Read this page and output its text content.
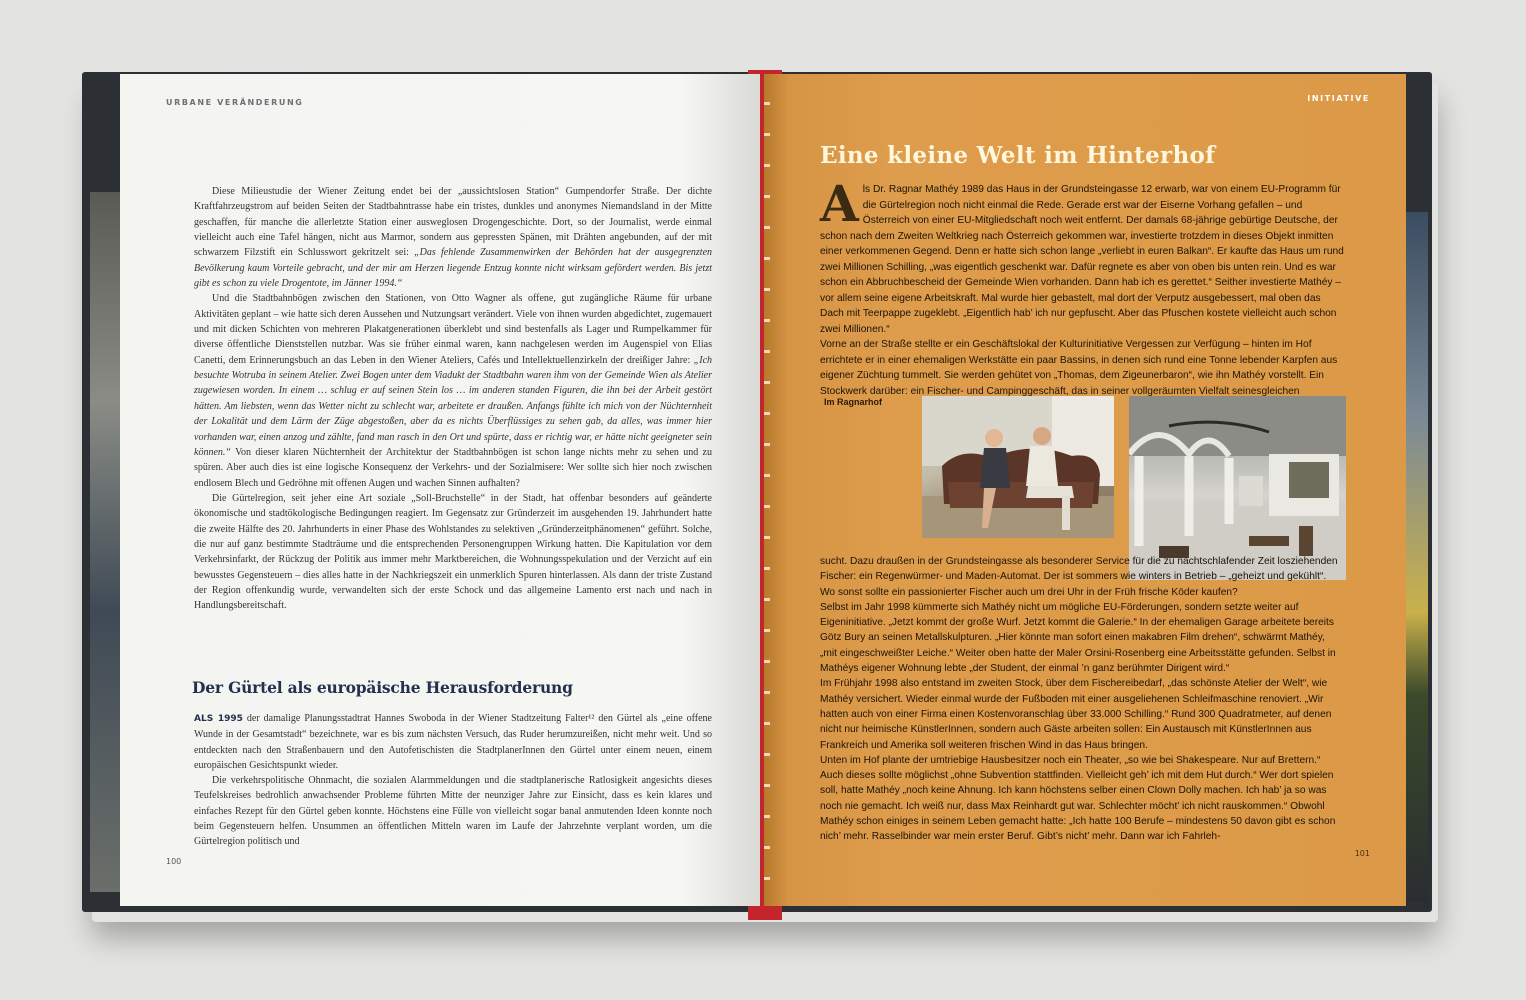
URBANE VERÄNDERUNG

Diese Milieustudie der Wiener Zeitung endet bei der „aussichtslosen Station“ Gumpendorfer Straße. Der dichte Kraftfahrzeugstrom auf beiden Seiten der Stadtbahntrasse habe ein tristes, dunkles und anonymes Niemandsland in der Mitte geschaffen, für manche die allerletzte Station einer ausweglosen Drogengeschichte. Dort, so der Journalist, werde einmal vielleicht auch eine Tafel hängen, nicht aus Marmor, sondern aus gepressten Spänen, mit Drähten angebunden, auf der mit schwarzem Filzstift ein Schlusswort gekritzelt sei: „Das fehlende Zusammenwirken der Behörden hat der ausgegrenzten Bevölkerung kaum Vorteile gebracht, und der mir am Herzen liegende Entzug konnte nicht wirksam gefördert werden. Bis jetzt gibt es schon zu viele Drogentote, im Jänner 1994.“

Und die Stadtbahnbögen zwischen den Stationen, von Otto Wagner als offene, gut zugängliche Räume für urbane Aktivitäten geplant – wie hatte sich deren Aussehen und Nutzungsart verändert. Viele von ihnen wurden abgedichtet, zugemauert und mit dicken Schichten von mehreren Plakatgenerationen überklebt und sind bestenfalls als Lager und Rumpelkammer für diverse öffentliche Dienststellen nutzbar. Was sie früher einmal waren, kann nachgelesen werden im Augenspiel von Elias Canetti, dem Erinnerungsbuch an das Leben in den Wiener Ateliers, Cafés und Intellektuellenzirkeln der dreißiger Jahre: „Ich besuchte Wotruba in seinem Atelier. Zwei Bogen unter dem Viadukt der Stadtbahn waren ihm von der Gemeinde Wien als Atelier zugewiesen worden. In einem … schlug er auf seinen Stein los … im anderen standen Figuren, die ihn bei der Arbeit gestört hätten. Am liebsten, wenn das Wetter nicht zu schlecht war, arbeitete er draußen. Anfangs fühlte ich mich von der Nüchternheit der Lokalität und dem Lärm der Züge abgestoßen, aber da es nichts Überflüssiges zu sehen gab, da alles, was immer hier vorhanden war, einen anzog und zählte, fand man rasch in den Ort und spürte, dass er richtig war, er hätte nicht geeigneter sein können.“ Von dieser klaren Nüchternheit der Architektur der Stadtbahnbögen ist schon lange nichts mehr zu sehen und zu spüren. Aber auch dies ist eine logische Konsequenz der Verkehrs- und der Sozialmisere: Wer sollte sich hier noch zwischen endlosem Blech und Gedröhne mit offenen Augen und wachen Sinnen aufhalten?

Die Gürtelregion, seit jeher eine Art soziale „Soll-Bruchstelle“ in der Stadt, hat offenbar besonders auf geänderte ökonomische und stadtökologische Bedingungen reagiert. Im Gegensatz zur Gründerzeit im ausgehenden 19. Jahrhundert hatte die zweite Hälfte des 20. Jahrhunderts in einer Phase des Wohlstandes zu selektiven „Gründerzeitphänomenen“ geführt. Solche, die nur auf ganz bestimmte Stadträume und die entsprechenden Personengruppen Wirkung hatten. Die Kapitulation vor dem Verkehrsinfarkt, der Rückzug der Politik aus immer mehr Marktbereichen, die Wohnungsspekulation und der Verzicht auf ein bewusstes Gegensteuern – dies alles hatte in der Nachkriegszeit ein unmerklich Spuren hinterlassen. Als dann der triste Zustand der Region offenkundig wurde, verwandelten sich der erste Schock und das allgemeine Lamento erst nach und nach in Handlungsbereitschaft.

Der Gürtel als europäische Herausforderung

ALS 1995 der damalige Planungsstadtrat Hannes Swoboda in der Wiener Stadtzeitung Falter¹² den Gürtel als „eine offene Wunde in der Gesamtstadt“ bezeichnete, war es bis zum nächsten Versuch, das Ruder herumzureißen, nicht mehr weit. Und so entdeckten nach den Straßenbauern und den Autofetischisten die StadtplanerInnen den Gürtel unter einem neuen, einem europäischen Gesichtspunkt wieder.

Die verkehrspolitische Ohnmacht, die sozialen Alarmmeldungen und die stadtplanerische Ratlosigkeit angesichts dieses Teufelskreises bedrohlich anwachsender Probleme führten Mitte der neunziger Jahre zur Einsicht, dass es kein klares und einfaches Rezept für den Gürtel geben konnte. Höchstens eine Fülle von vielleicht sogar banal anmutenden Ideen konnte noch beim Gegensteuern helfen. Unsummen an öffentlichen Mitteln waren im Laufe der Jahrzehnte verplant worden, um die Gürtelregion politisch und

100
INITIATIVE
Eine kleine Welt im Hinterhof

Als Dr. Ragnar Mathéy 1989 das Haus in der Grundsteingasse 12 erwarb, war von einem EU-Programm für die Gürtelregion noch nicht einmal die Rede. Gerade erst war der Eiserne Vorhang gefallen – und Österreich von einer EU-Mitgliedschaft noch weit entfernt. Der damals 68-jährige gebürtige Deutsche, der schon nach dem Zweiten Weltkrieg nach Österreich gekommen war, investierte trotzdem in dieses Objekt inmitten einer verkommenen Gegend. Denn er hatte sich schon lange „verliebt in euren Balkan“. Er kaufte das Haus um rund zwei Millionen Schilling, „was eigentlich geschenkt war. Dafür regnete es aber von oben bis unten rein. Und es war schon ein Abbruchbescheid der Gemeinde Wien vorhanden. Dann hab ich es gerettet.“ Seither investierte Mathéy – vor allem seine eigene Arbeitskraft. Mal wurde hier gebastelt, mal dort der Verputz ausgebessert, mal oben das Dach mit Teerpappe zugeklebt. „Eigentlich hab’ ich nur gepfuscht. Aber das Pfuschen kostete vielleicht auch schon zwei Millionen.“

Vorne an der Straße stellte er ein Geschäftslokal der Kulturinitiative Vergessen zur Verfügung – hinten im Hof errichtete er in einer ehemaligen Werkstätte ein paar Bassins, in denen sich rund eine Tonne lebender Karpfen aus eigener Züchtung tummelt. Sie werden gehütet von „Thomas, dem Zigeunerbaron“, wie ihn Mathéy vorstellt. Ein Stockwerk darüber: ein Fischer- und Campinggeschäft, das in seiner vollgeräumten Vielfalt seinesgleichen

Im Ragnarhof

sucht. Dazu draußen in der Grundsteingasse als besonderer Service für die zu nachtschlafender Zeit losziehenden Fischer: ein Regenwürmer- und Maden-Automat. Der ist sommers wie winters in Betrieb – „geheizt und gekühlt“. Wo sonst sollte ein passionierter Fischer auch um drei Uhr in der Früh frische Köder kaufen?

Selbst im Jahr 1998 kümmerte sich Mathéy nicht um mögliche EU-Förderungen, sondern setzte weiter auf Eigeninitiative. „Jetzt kommt der große Wurf. Jetzt kommt die Galerie.“ In der ehemaligen Garage arbeitete bereits Götz Bury an seinen Metallskulpturen. „Hier könnte man sofort einen makabren Film drehen“, schwärmt Mathéy, „mit eingeschweißter Leiche.“ Weiter oben hatte der Maler Orsini-Rosenberg eine Arbeitsstätte gefunden. Selbst in Mathéys eigener Wohnung lebte „der Student, der einmal ’n ganz berühmter Dirigent wird.“

Im Frühjahr 1998 also entstand im zweiten Stock, über dem Fischereibedarf, „das schönste Atelier der Welt“, wie Mathéy versichert. Wieder einmal wurde der Fußboden mit einer ausgeliehenen Schleifmaschine renoviert. „Wir hatten auch von einer Firma einen Kostenvoranschlag über 33.000 Schilling.“ Rund 300 Quadratmeter, auf denen nicht nur heimische KünstlerInnen, sondern auch Gäste arbeiten sollen: Ein Austausch mit KünstlerInnen aus Frankreich und Amerika soll weiteren frischen Wind in das Haus bringen.

Unten im Hof plante der umtriebige Hausbesitzer noch ein Theater, „so wie bei Shakespeare. Nur auf Brettern.“ Auch dieses sollte möglichst „ohne Subvention stattfinden. Vielleicht geh’ ich mit dem Hut durch.“ Wer dort spielen soll, hatte Mathéy „noch keine Ahnung. Ich kann höchstens selber einen Clown Dolly machen. Ich hab’ ja so was noch nie gemacht. Ich weiß nur, dass Max Reinhardt gut war. Schlechter möcht’ ich nicht rauskommen.“ Obwohl Mathéy schon einiges in seinem Leben gemacht hatte: „Ich hatte 100 Berufe – mindestens 50 davon gibt es schon nich’ mehr. Rasselbinder war mein erster Beruf. Gibt’s nicht’ mehr. Dann war ich Fahrleh-

101
